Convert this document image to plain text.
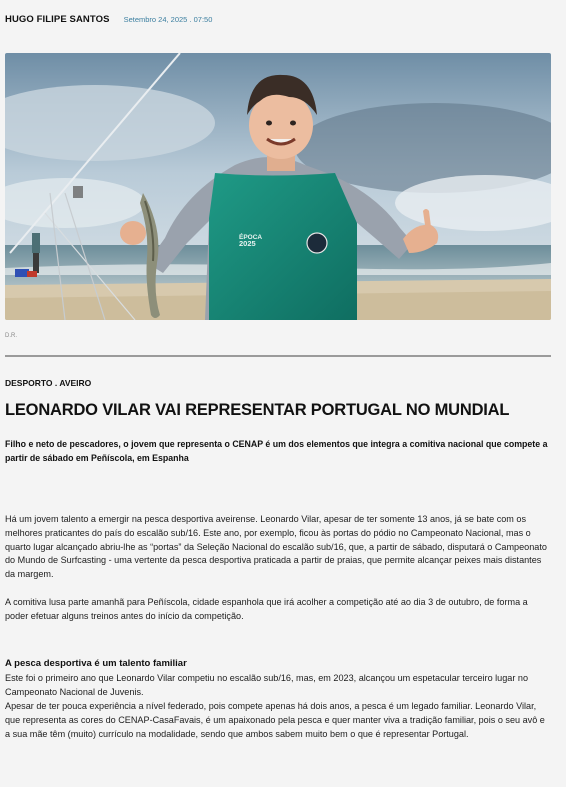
HUGO FILIPE SANTOS Setembro 24, 2025 . 07:50
ÉPOCA
2025
D.R.
DESPORTO . AVEIRO
LEONARDO VILAR VAI REPRESENTAR PORTUGAL NO MUNDIAL

Filho e neto de pescadores, o jovem que representa o CENAP é um dos elementos que integra a comitiva nacional que compete a partir de sábado em Peñíscola, em Espanha

Há um jovem talento a emergir na pesca desportiva aveirense. Leonardo Vilar, apesar de ter somente 13 anos, já se bate com os melhores praticantes do país do escalão sub/16. Este ano, por exemplo, ficou às portas do pódio no Campeonato Nacional, mas o quarto lugar alcançado abriu-lhe as “portas” da Seleção Nacional do escalão sub/16, que, a partir de sábado, disputará o Campeonato do Mundo de Surfcasting - uma vertente da pesca desportiva praticada a partir de praias, que permite alcançar peixes mais distantes da margem.

A comitiva lusa parte amanhã para Peñíscola, cidade espanhola que irá acolher a competição até ao dia 3 de outubro, de forma a poder efetuar alguns treinos antes do início da competição.

A pesca desportiva é um talento familiar

Este foi o primeiro ano que Leonardo Vilar competiu no escalão sub/16, mas, em 2023, alcançou um espetacular terceiro lugar no Campeonato Nacional de Juvenis.

Apesar de ter pouca experiência a nível federado, pois compete apenas há dois anos, a pesca é um legado familiar. Leonardo Vilar, que representa as cores do CENAP-CasaFavais, é um apaixonado pela pesca e quer manter viva a tradição familiar, pois o seu avô e a sua mãe têm (muito) currículo na modalidade, sendo que ambos sabem muito bem o que é representar Portugal.
